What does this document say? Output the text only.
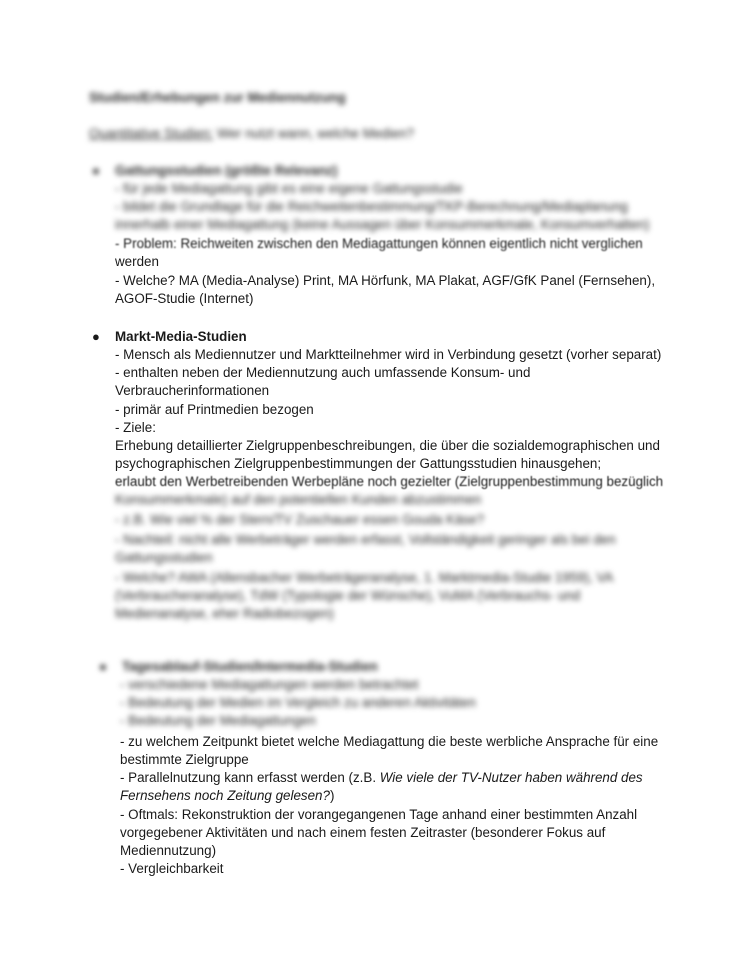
Studien/Erhebungen zur Mediennutzung
Quantitative Studien: Wer nutzt wann, welche Medien?
● Gattungsstudien (größte Relevanz)
- für jede Mediagattung gibt es eine eigene Gattungsstudie
- bildet die Grundlage für die Reichweitenbestimmung/TKP-Berechnung/Mediaplanung
innerhalb einer Mediagattung (keine Aussagen über Konsummerkmale, Konsumverhalten)
- Problem: Reichweiten zwischen den Mediagattungen können eigentlich nicht verglichen
werden
- Welche? MA (Media-Analyse) Print, MA Hörfunk, MA Plakat, AGF/GfK Panel (Fernsehen),
AGOF-Studie (Internet)
● Markt-Media-Studien
- Mensch als Mediennutzer und Marktteilnehmer wird in Verbindung gesetzt (vorher separat)
- enthalten neben der Mediennutzung auch umfassende Konsum- und
Verbraucherinformationen
- primär auf Printmedien bezogen
- Ziele:
Erhebung detaillierter Zielgruppenbeschreibungen, die über die sozialdemographischen und
psychographischen Zielgruppenbestimmungen der Gattungsstudien hinausgehen;
erlaubt den Werbetreibenden Werbepläne noch gezielter (Zielgruppenbestimmung bezüglich
Konsummerkmale) auf den potentiellen Kunden abzustimmen
- z.B. Wie viel % der Stern/TV Zuschauer essen Gouda Käse?
- Nachteil: nicht alle Werbeträger werden erfasst, Vollständigkeit geringer als bei den
Gattungsstudien
- Welche? AWA (Allensbacher Werbeträgeranalyse, 1. Marktmedia-Studie 1959), VA
(Verbraucheranalyse), TdW (Typologie der Wünsche), VuMA (Verbrauchs- und
Medienanalyse, eher Radiobezogen)
● Tagesablauf-Studien/Intermedia-Studien
- verschiedene Mediagattungen werden betrachtet
- Bedeutung der Medien im Vergleich zu anderen Aktivitäten
- Bedeutung der Mediagattungen
- zu welchem Zeitpunkt bietet welche Mediagattung die beste werbliche Ansprache für eine
bestimmte Zielgruppe
- Parallelnutzung kann erfasst werden (z.B. Wie viele der TV-Nutzer haben während des
Fernsehens noch Zeitung gelesen?)
- Oftmals: Rekonstruktion der vorangegangenen Tage anhand einer bestimmten Anzahl
vorgegebener Aktivitäten und nach einem festen Zeitraster (besonderer Fokus auf
Mediennutzung)
- Vergleichbarkeit
